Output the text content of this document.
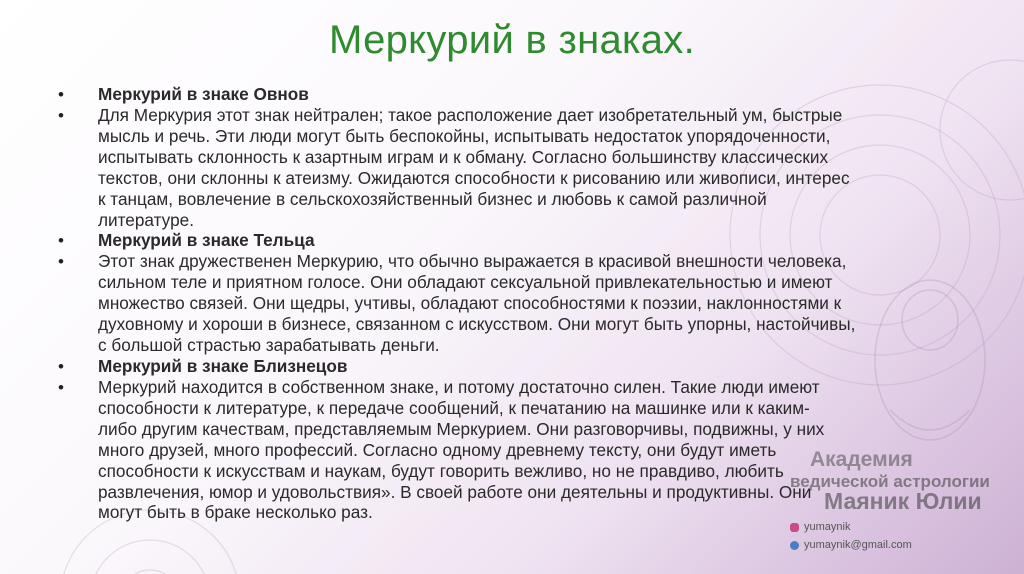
Меркурий в знаках.
•	Меркурий в знаке Овнов
•	Для Меркурия этот знак нейтрален; такое расположение дает изобретательный ум, быстрые
мысль и речь. Эти люди могут быть беспокойны, испытывать недостаток упорядоченности,
испытывать склонность к азартным играм и к обману. Согласно большинству классических
текстов, они склонны к атеизму. Ожидаются способности к рисованию или живописи, интерес
к танцам, вовлечение в сельскохозяйственный бизнес и любовь к самой различной
литературе.
•	Меркурий в знаке Тельца
•	Этот знак дружественен Меркурию, что обычно выражается в красивой внешности человека,
сильном теле и приятном голосе. Они обладают сексуальной привлекательностью и имеют
множество связей. Они щедры, учтивы, обладают способностями к поэзии, наклонностями к
духовному и хороши в бизнесе, связанном с искусством. Они могут быть упорны, настойчивы,
с большой страстью зарабатывать деньги.
•	Меркурий в знаке Близнецов
•	Меркурий находится в собственном знаке, и потому достаточно силен. Такие люди имеют
способности к литературе, к передаче сообщений, к печатанию на машинке или к каким-
либо другим качествам, представляемым Меркурием. Они разговорчивы, подвижны, у них
много друзей, много профессий. Согласно одному древнему тексту, они будут иметь
способности к искусствам и наукам, будут говорить вежливо, но не правдиво, любить
развлечения, юмор и удовольствия». В своей работе они деятельны и продуктивны. Они
могут быть в браке несколько раз.
Академия
ведической астрологии
Маяник Юлии
yumaynik
yumaynik@gmail.com
